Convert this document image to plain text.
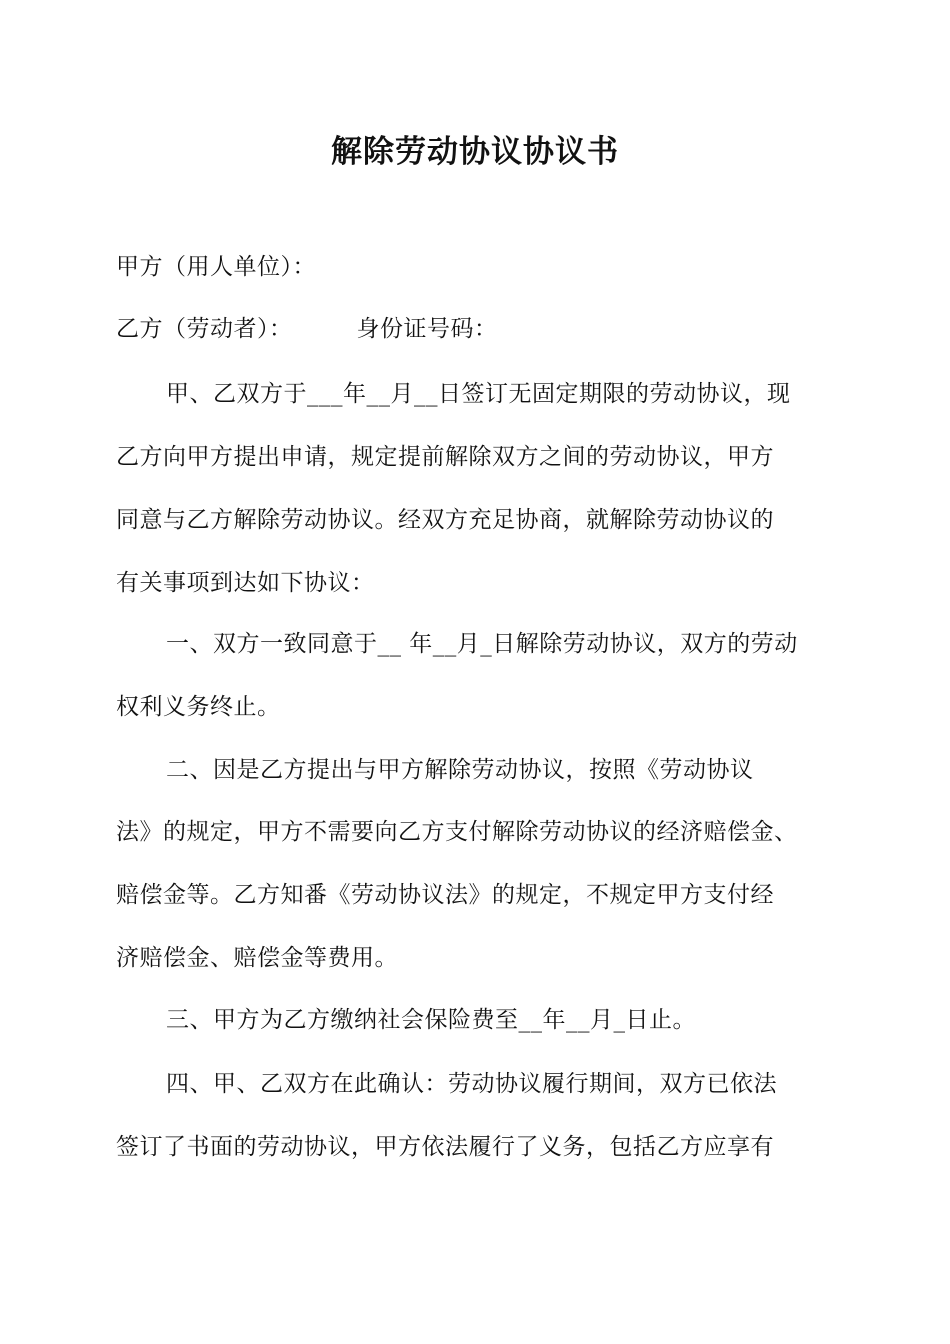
解除劳动协议协议书
甲方（用人单位）：
乙方（劳动者）：	身份证号码：
甲、乙双方于___年__月__日签订无固定期限的劳动协议，现
乙方向甲方提出申请，规定提前解除双方之间的劳动协议，甲方
同意与乙方解除劳动协议。经双方充足协商，就解除劳动协议的
有关事项到达如下协议：
一、双方一致同意于__ 年__月_日解除劳动协议，双方的劳动
权利义务终止。
二、因是乙方提出与甲方解除劳动协议，按照《劳动协议
法》的规定，甲方不需要向乙方支付解除劳动协议的经济赔偿金、
赔偿金等。乙方知番《劳动协议法》的规定，不规定甲方支付经
济赔偿金、赔偿金等费用。
三、甲方为乙方缴纳社会保险费至__年__月_日止。
四、甲、乙双方在此确认：劳动协议履行期间，双方已依法
签订了书面的劳动协议，甲方依法履行了义务，包括乙方应享有
